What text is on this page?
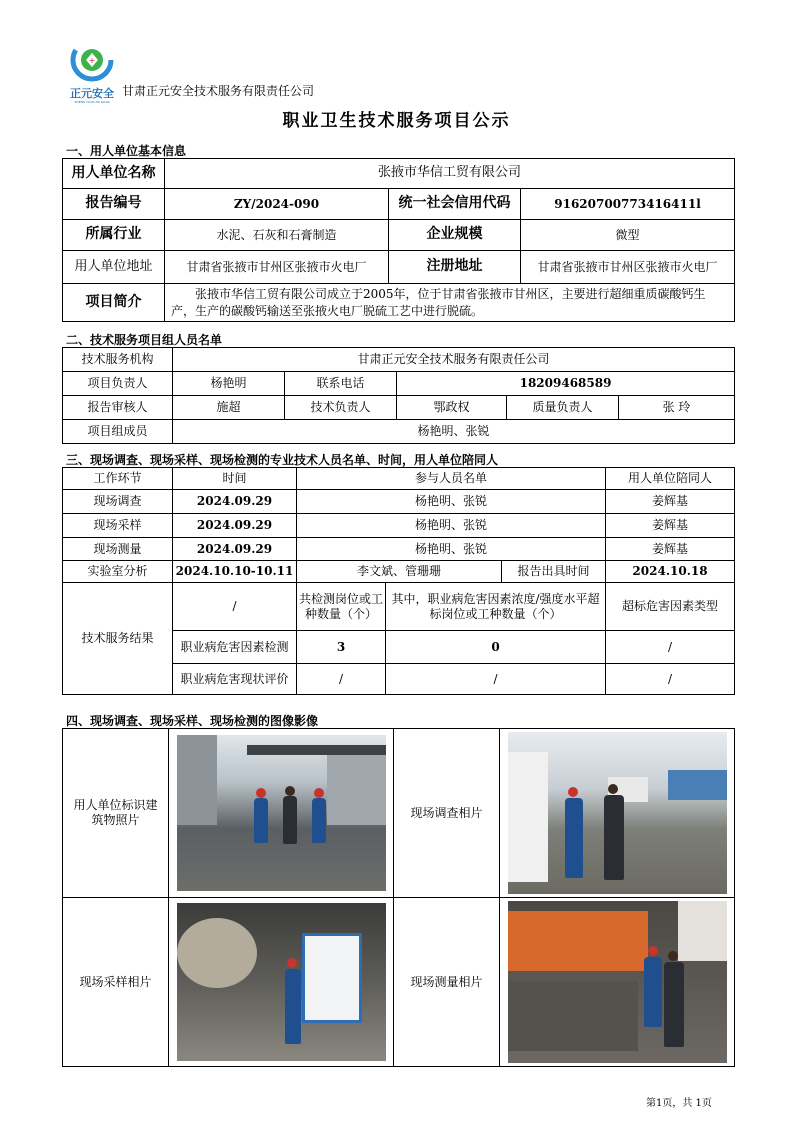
+
正元安全
ZHENG YUAN AN QUAN
甘肃正元安全技术服务有限责任公司
职业卫生技术服务项目公示
一、用人单位基本信息
用人单位名称	张掖市华信工贸有限公司		
报告编号	ZY/2024-090	统一社会信用代码	91620700773416411l
所属行业	水泥、石灰和石膏制造	企业规模	微型
用人单位地址	甘肃省张掖市甘州区张掖市火电厂	注册地址	甘肃省张掖市甘州区张掖市火电厂
项目简介	张掖市华信工贸有限公司成立于2005年，位于甘肃省张掖市甘州区，主要进行超细重质碳酸钙生产，生产的碳酸钙输送至张掖火电厂脱硫工艺中进行脱硫。		
二、技术服务项目组人员名单
技术服务机构	甘肃正元安全技术服务有限责任公司				
项目负责人	杨艳明	联系电话	18209468589		
报告审核人	施超	技术负责人	鄂政权	质量负责人	张 玲
项目组成员	杨艳明、张锐				
三、现场调查、现场采样、现场检测的专业技术人员名单、时间，用人单位陪同人
工作环节	时间	参与人员名单			用人单位陪同人
现场调查	2024.09.29	杨艳明、张锐			姜辉基
现场采样	2024.09.29	杨艳明、张锐			姜辉基
现场测量	2024.09.29	杨艳明、张锐			姜辉基
实验室分析	2024.10.10-10.11	李文斌、管珊珊		报告出具时间	2024.10.18
技术服务结果	/	共检测岗位或工种数量（个）	其中，职业病危害因素浓度/强度水平超标岗位或工种数量（个）		超标危害因素类型
	职业病危害因素检测	3	0		/
	职业病危害现状评价	/	/		/
四、现场调查、现场采样、现场检测的图像影像
用人单位标识建筑物照片		现场调查相片	

现场采样相片		现场测量相片	
第1页，共 1页
